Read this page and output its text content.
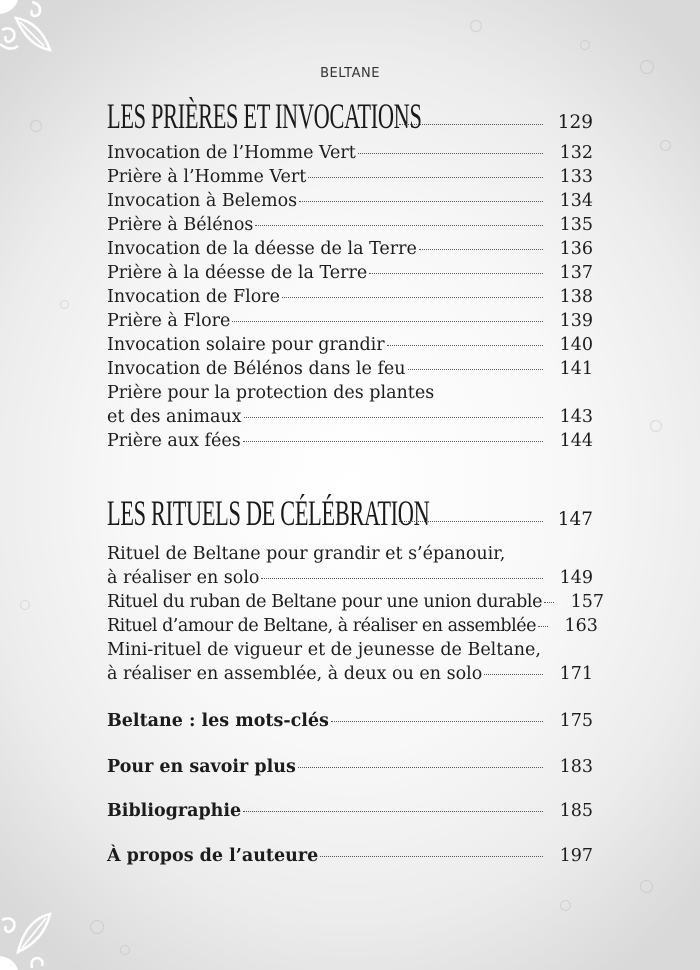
BELTANE
LES PRIÈRES ET INVOCATIONS	129
Invocation de l’Homme Vert	132
Prière à l’Homme Vert	133
Invocation à Belemos	134
Prière à Bélénos	135
Invocation de la déesse de la Terre	136
Prière à la déesse de la Terre	137
Invocation de Flore	138
Prière à Flore	139
Invocation solaire pour grandir	140
Invocation de Bélénos dans le feu	141
Prière pour la protection des plantes
et des animaux	143
Prière aux fées	144
LES RITUELS DE CÉLÉBRATION	147
Rituel de Beltane pour grandir et s’épanouir,
à réaliser en solo	149
Rituel du ruban de Beltane pour une union durable	157
Rituel d’amour de Beltane, à réaliser en assemblée	163
Mini-rituel de vigueur et de jeunesse de Beltane,
à réaliser en assemblée, à deux ou en solo	171
Beltane : les mots-clés	175
Pour en savoir plus	183
Bibliographie	185
À propos de l’auteure	197
